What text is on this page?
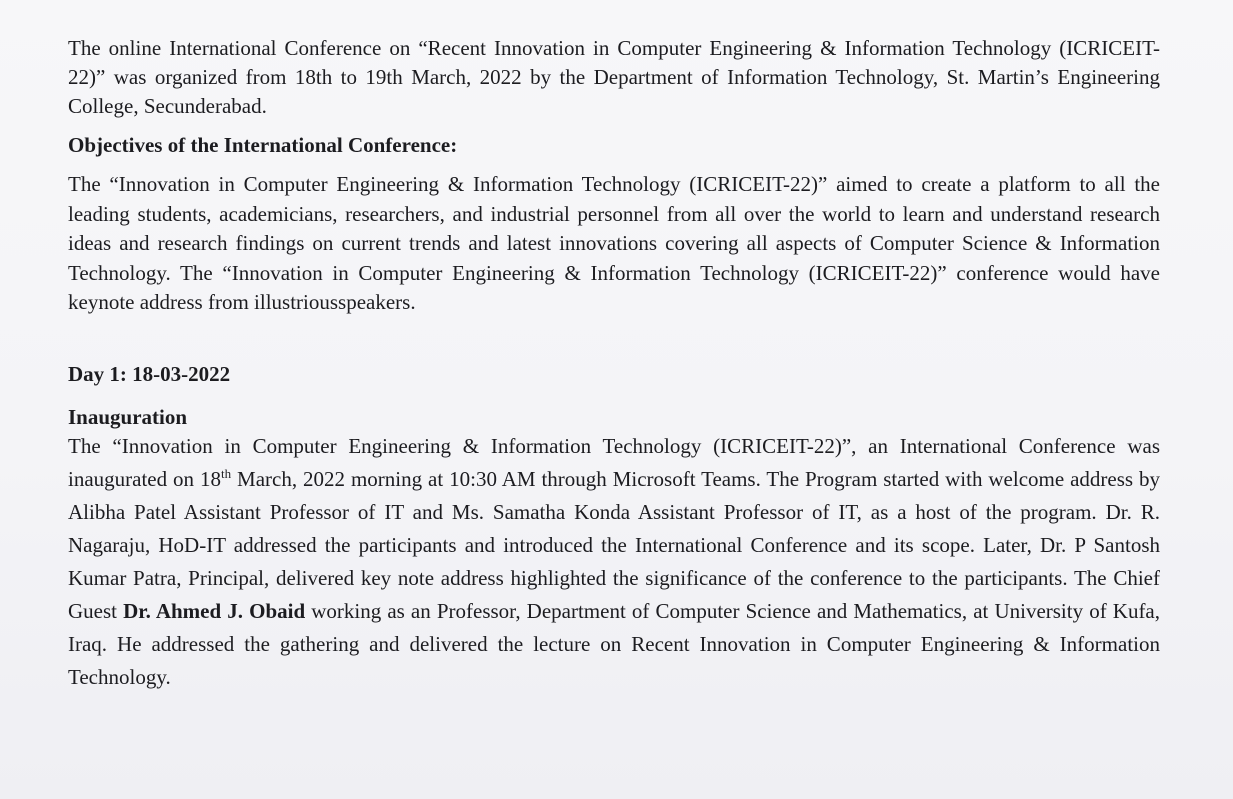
The online International Conference on “Recent Innovation in Computer Engineering & Information Technology (ICRICEIT-22)” was organized from 18th to 19th March, 2022 by the Department of Information Technology, St. Martin’s Engineering College, Secunderabad.

Objectives of the International Conference:

The “Innovation in Computer Engineering & Information Technology (ICRICEIT-22)” aimed to create a platform to all the leading students, academicians, researchers, and industrial personnel from all over the world to learn and understand research ideas and research findings on current trends and latest innovations covering all aspects of Computer Science & Information Technology. The “Innovation in Computer Engineering & Information Technology (ICRICEIT-22)” conference would have keynote address from illustriousspeakers.

Day 1: 18-03-2022
Inauguration

The “Innovation in Computer Engineering & Information Technology (ICRICEIT-22)”, an International Conference was inaugurated on 18th March, 2022 morning at 10:30 AM through Microsoft Teams. The Program started with welcome address by Alibha Patel Assistant Professor of IT and Ms. Samatha Konda Assistant Professor of IT, as a host of the program. Dr. R. Nagaraju, HoD-IT addressed the participants and introduced the International Conference and its scope. Later, Dr. P Santosh Kumar Patra, Principal, delivered key note address highlighted the significance of the conference to the participants. The Chief Guest Dr. Ahmed J. Obaid working as an Professor, Department of Computer Science and Mathematics, at University of Kufa, Iraq. He addressed the gathering and delivered the lecture on Recent Innovation in Computer Engineering & Information Technology.
